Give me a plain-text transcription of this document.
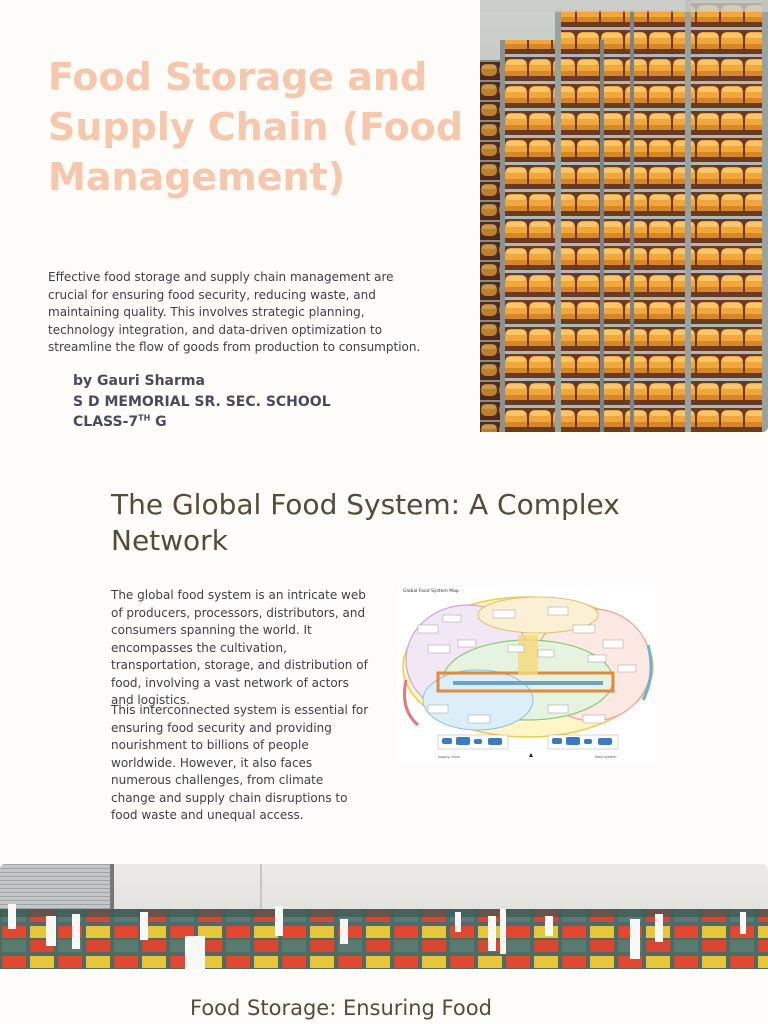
Food Storage and Supply Chain (Food Management)

Effective food storage and supply chain management are crucial for ensuring food security, reducing waste, and maintaining quality. This involves strategic planning, technology integration, and data-driven optimization to streamline the flow of goods from production to consumption.

by Gauri Sharma
S D MEMORIAL SR. SEC. SCHOOL
CLASS-7TH G
The Global Food System: A Complex Network

The global food system is an intricate web of producers, processors, distributors, and consumers spanning the world. It encompasses the cultivation, transportation, storage, and distribution of food, involving a vast network of actors and logistics.

This interconnected system is essential for ensuring food security and providing nourishment to billions of people worldwide. However, it also faces numerous challenges, from climate change and supply chain disruptions to food waste and unequal access.

Global Food System Map
supply chain	food system
Food Storage: Ensuring Food
